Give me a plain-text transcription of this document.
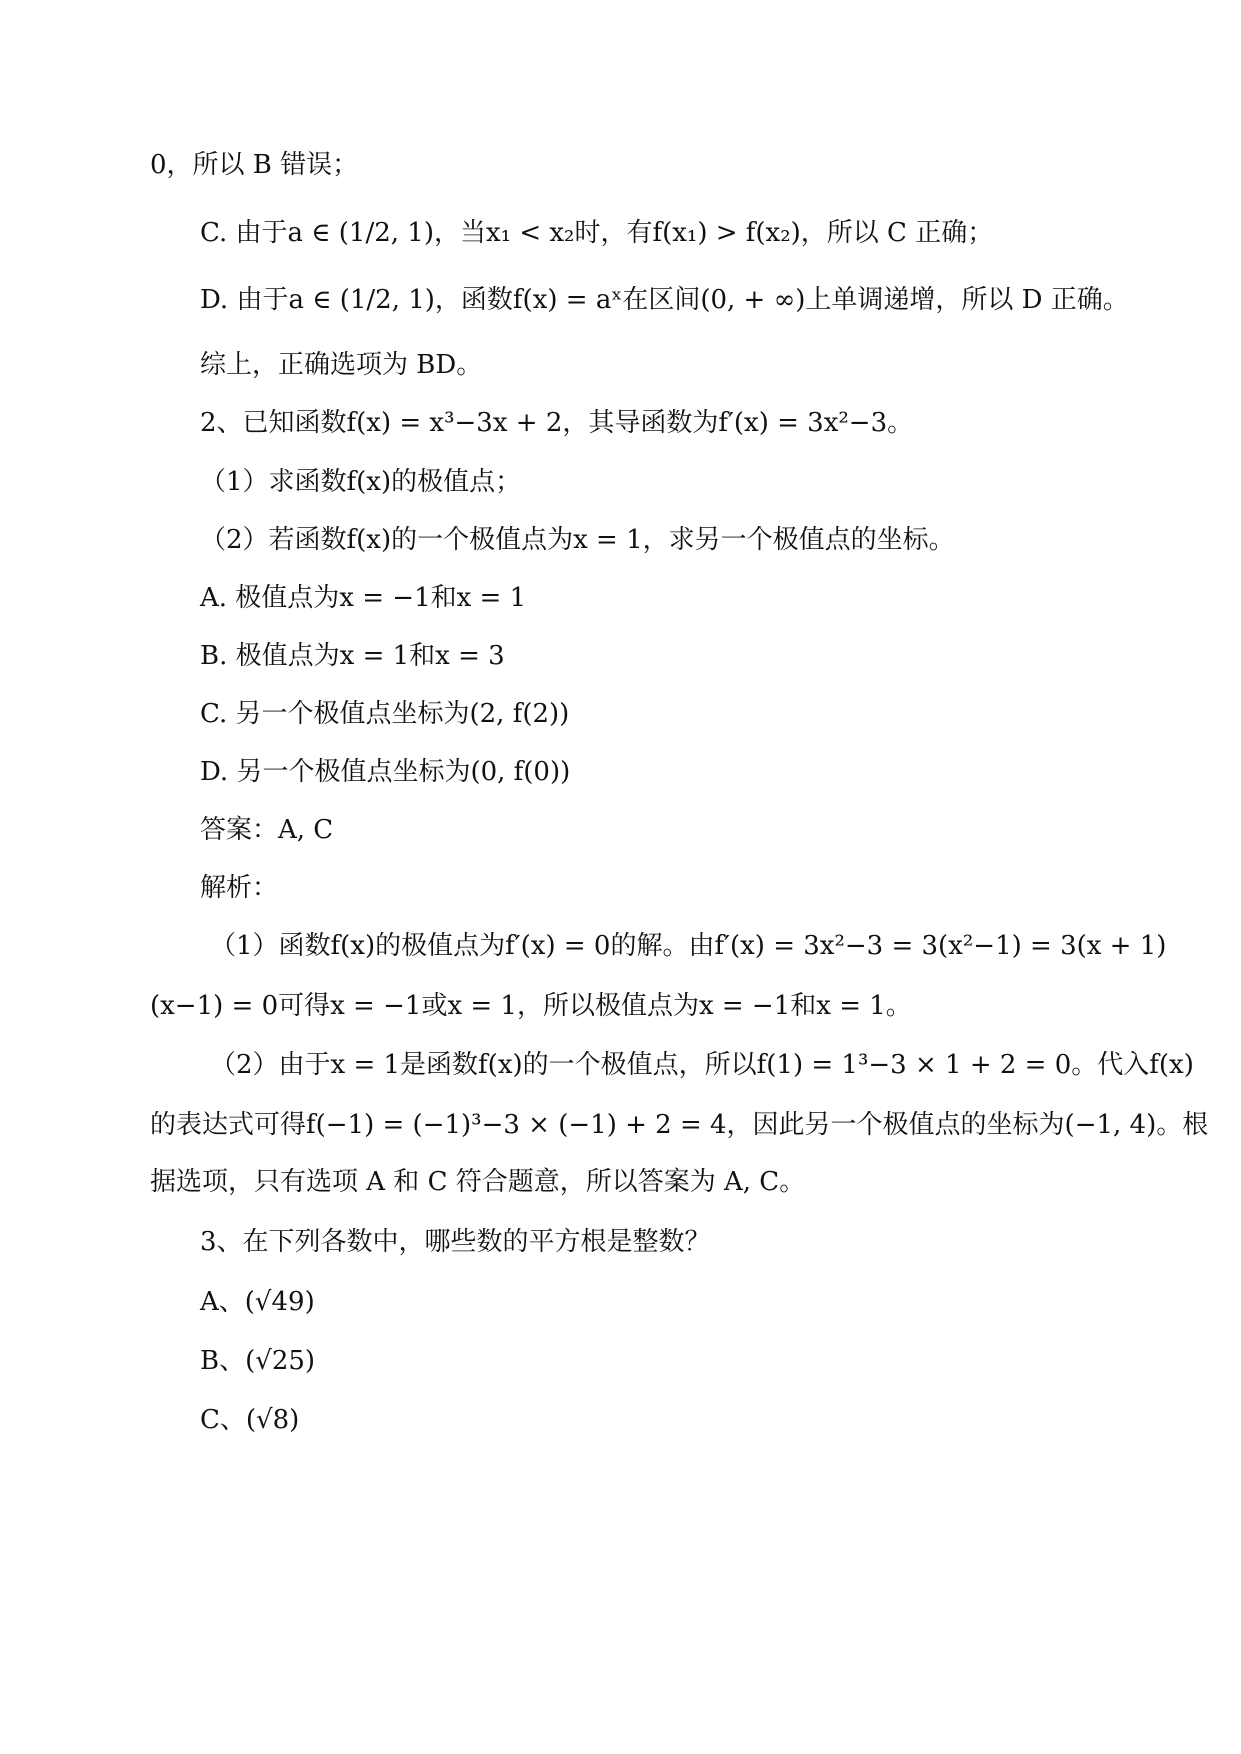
0，所以 B 错误；
C. 由于a ∈ (1/2, 1)，当x₁ < x₂时，有f(x₁) > f(x₂)，所以 C 正确；
D. 由于a ∈ (1/2, 1)，函数f(x) = aˣ在区间(0, + ∞)上单调递增，所以 D 正确。
综上，正确选项为 BD。
2、已知函数f(x) = x³−3x + 2，其导函数为f′(x) = 3x²−3。
（1）求函数f(x)的极值点；
（2）若函数f(x)的一个极值点为x = 1，求另一个极值点的坐标。
A. 极值点为x = −1和x = 1
B. 极值点为x = 1和x = 3
C. 另一个极值点坐标为(2, f(2))
D. 另一个极值点坐标为(0, f(0))
答案：A, C
解析：
（1）函数f(x)的极值点为f′(x) = 0的解。由f′(x) = 3x²−3 = 3(x²−1) = 3(x + 1)
(x−1) = 0可得x = −1或x = 1，所以极值点为x = −1和x = 1。
（2）由于x = 1是函数f(x)的一个极值点，所以f(1) = 1³−3 × 1 + 2 = 0。代入f(x)
的表达式可得f(−1) = (−1)³−3 × (−1) + 2 = 4，因此另一个极值点的坐标为(−1, 4)。根
据选项，只有选项 A 和 C 符合题意，所以答案为 A, C。
3、在下列各数中，哪些数的平方根是整数？
A、(√49)
B、(√25)
C、(√8)
